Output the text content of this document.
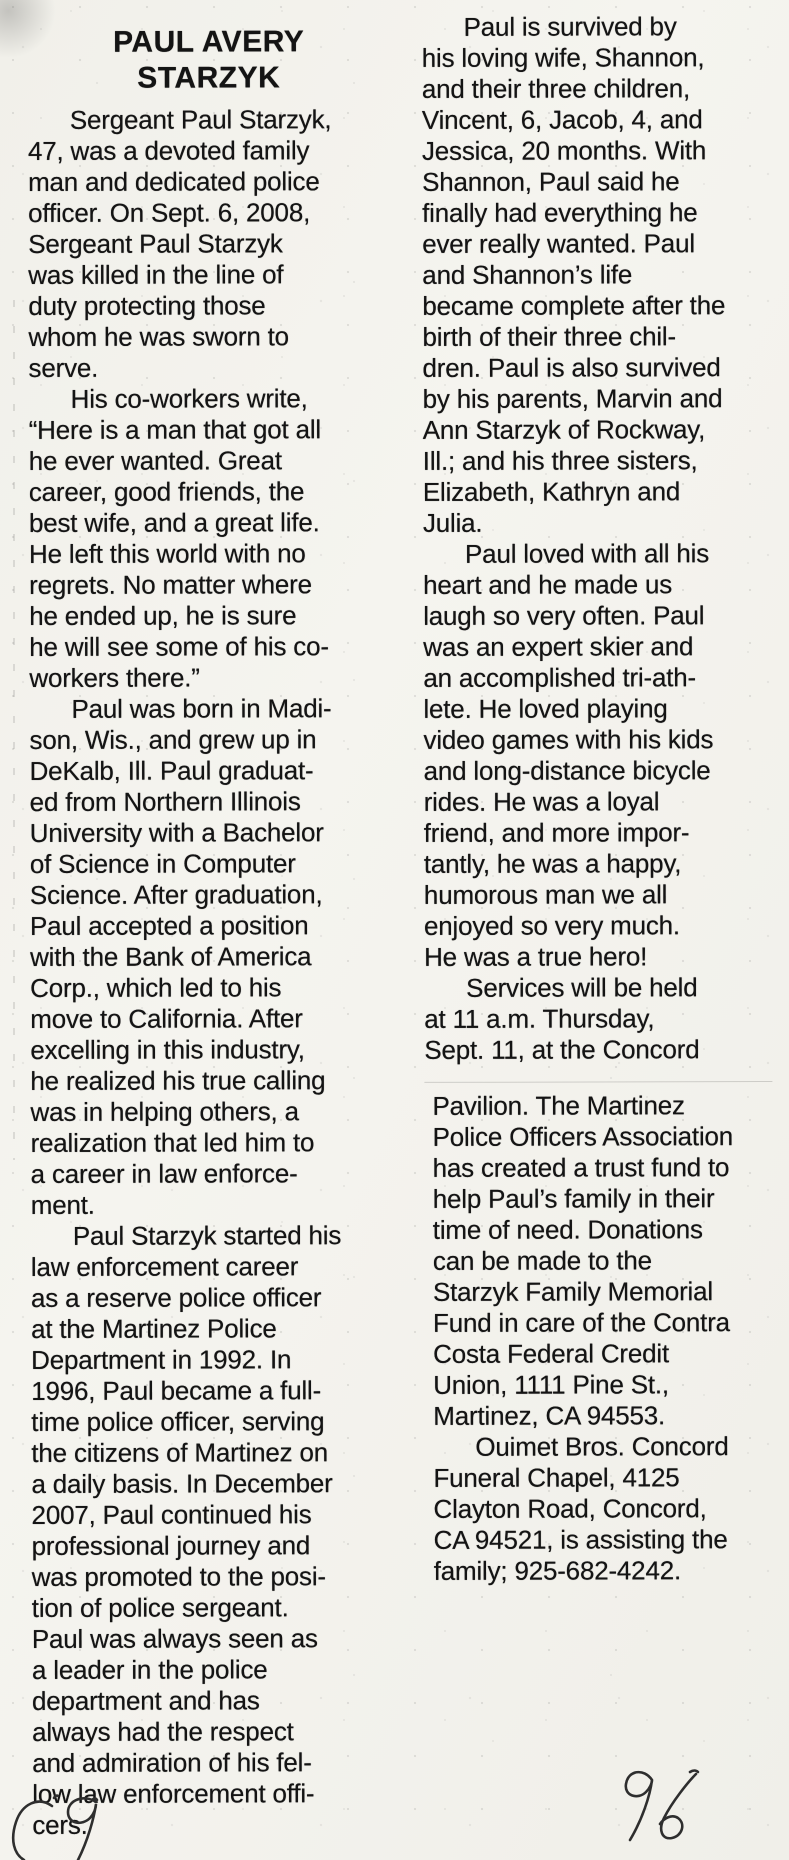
PAUL AVERY
STARZYK

Sergeant Paul Starzyk,
47, was a devoted family
man and dedicated police
officer. On Sept. 6, 2008,
Sergeant Paul Starzyk
was killed in the line of
duty protecting those
whom he was sworn to
serve.

His co-workers write,
“Here is a man that got all
he ever wanted. Great
career, good friends, the
best wife, and a great life.
He left this world with no
regrets. No matter where
he ended up, he is sure
he will see some of his co-
workers there.”

Paul was born in Madi-
son, Wis., and grew up in
DeKalb, Ill. Paul graduat-
ed from Northern Illinois
University with a Bachelor
of Science in Computer
Science. After graduation,
Paul accepted a position
with the Bank of America
Corp., which led to his
move to California. After
excelling in this industry,
he realized his true calling
was in helping others, a
realization that led him to
a career in law enforce-
ment.

Paul Starzyk started his
law enforcement career
as a reserve police officer
at the Martinez Police
Department in 1992. In
1996, Paul became a full-
time police officer, serving
the citizens of Martinez on
a daily basis. In December
2007, Paul continued his
professional journey and
was promoted to the posi-
tion of police sergeant.
Paul was always seen as
a leader in the police
department and has
always had the respect
and admiration of his fel-
low law enforcement offi-
cers.

Paul is survived by
his loving wife, Shannon,
and their three children,
Vincent, 6, Jacob, 4, and
Jessica, 20 months. With
Shannon, Paul said he
finally had everything he
ever really wanted. Paul
and Shannon’s life
became complete after the
birth of their three chil-
dren. Paul is also survived
by his parents, Marvin and
Ann Starzyk of Rockway,
Ill.; and his three sisters,
Elizabeth, Kathryn and
Julia.

Paul loved with all his
heart and he made us
laugh so very often. Paul
was an expert skier and
an accomplished tri-ath-
lete. He loved playing
video games with his kids
and long-distance bicycle
rides. He was a loyal
friend, and more impor-
tantly, he was a happy,
humorous man we all
enjoyed so very much.
He was a true hero!

Services will be held
at 11 a.m. Thursday,
Sept. 11, at the Concord

Pavilion. The Martinez
Police Officers Association
has created a trust fund to
help Paul’s family in their
time of need. Donations
can be made to the
Starzyk Family Memorial
Fund in care of the Contra
Costa Federal Credit
Union, 1111 Pine St.,
Martinez, CA 94553.

Ouimet Bros. Concord
Funeral Chapel, 4125
Clayton Road, Concord,
CA 94521, is assisting the
family; 925-682-4242.
